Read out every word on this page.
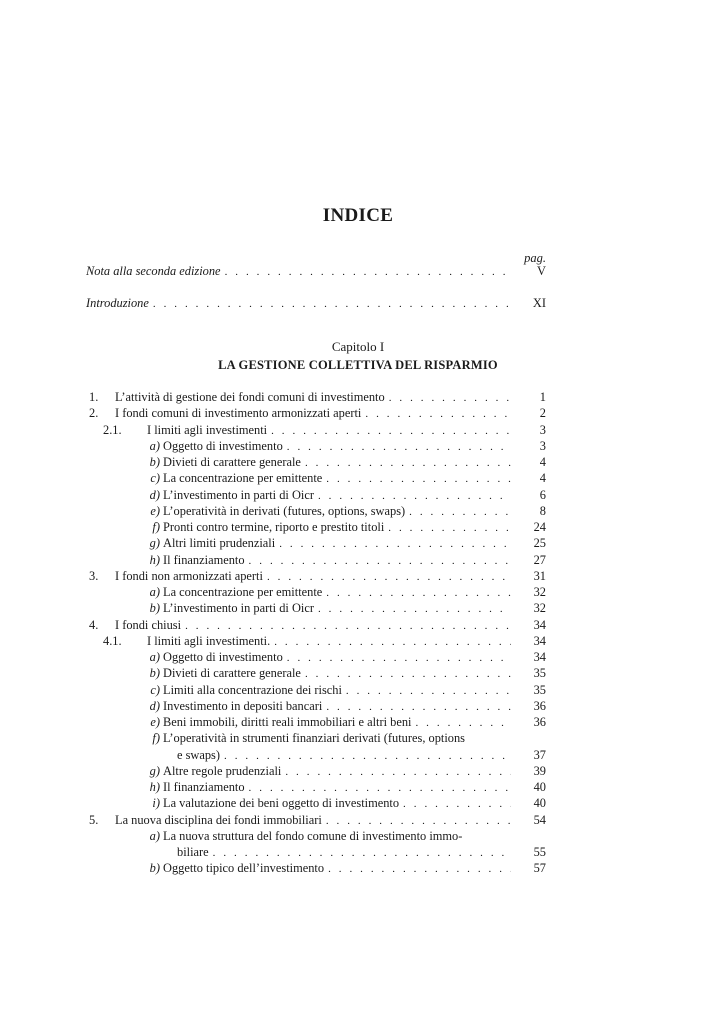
INDICE
pag.
Nota alla seconda edizione . . .	V
Introduzione . . .	XI
Capitolo I
LA GESTIONE COLLETTIVA DEL RISPARMIO
1. L’attività di gestione dei fondi comuni di investimento . . .	1
2. I fondi comuni di investimento armonizzati aperti . . .	2
2.1. I limiti agli investimenti . . .	3
a) Oggetto di investimento . . .	3
b) Divieti di carattere generale . . .	4
c) La concentrazione per emittente . . .	4
d) L’investimento in parti di Oicr . . .	6
e) L’operatività in derivati (futures, options, swaps) . . .	8
f) Pronti contro termine, riporto e prestito titoli . . .	24
g) Altri limiti prudenziali . . .	25
h) Il finanziamento . . .	27
3. I fondi non armonizzati aperti . . .	31
a) La concentrazione per emittente . . .	32
b) L’investimento in parti di Oicr . . .	32
4. I fondi chiusi . . .	34
4.1. I limiti agli investimenti. . . .	34
a) Oggetto di investimento . . .	34
b) Divieti di carattere generale . . .	35
c) Limiti alla concentrazione dei rischi . . .	35
d) Investimento in depositi bancari . . .	36
e) Beni immobili, diritti reali immobiliari e altri beni . . .	36
f) L’operatività in strumenti finanziari derivati (futures, options
e swaps) . . .	37
g) Altre regole prudenziali . . .	39
h) Il finanziamento . . .	40
i) La valutazione dei beni oggetto di investimento . . .	40
5. La nuova disciplina dei fondi immobiliari . . .	54
a) La nuova struttura del fondo comune di investimento immo-
biliare . . .	55
b) Oggetto tipico dell’investimento . . .	57
